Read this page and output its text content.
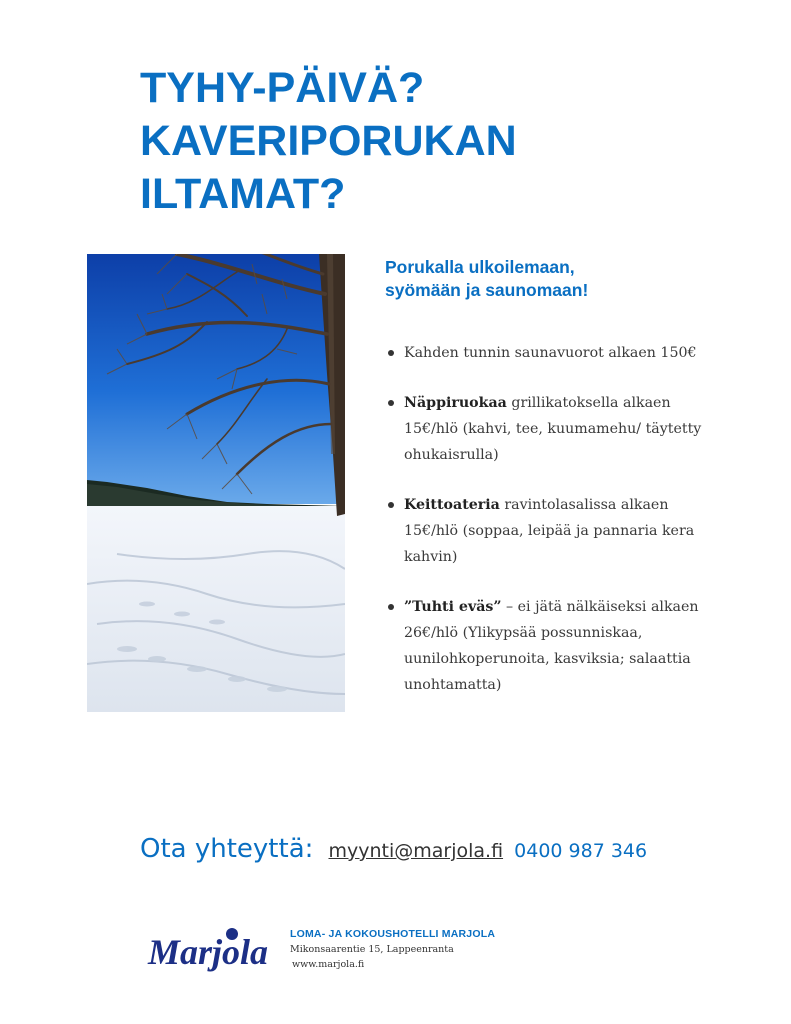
TYHY-PÄIVÄ?
KAVERIPORUKAN
ILTAMAT?
Porukalla ulkoilemaan,
syömään ja saunomaan!
Kahden tunnin saunavuorot alkaen 150€
Näppiruokaa grillikatoksella alkaen 15€/hlö (kahvi, tee, kuumamehu/ täytetty ohukaisrulla)
Keittoateria ravintolasalissa alkaen 15€/hlö (soppaa, leipää ja pannaria kera kahvin)
”Tuhti eväs” – ei jätä nälkäiseksi alkaen 26€/hlö (Ylikypsää possunniskaa, uunilohkoperunoita, kasviksia; salaattia unohtamatta)
Ota yhteyttä: myynti@marjola.fi 0400 987 346
Marjola LOMA- JA KOKOUSHOTELLI MARJOLA
Mikonsaarentie 15, Lappeenranta
www.marjola.fi
